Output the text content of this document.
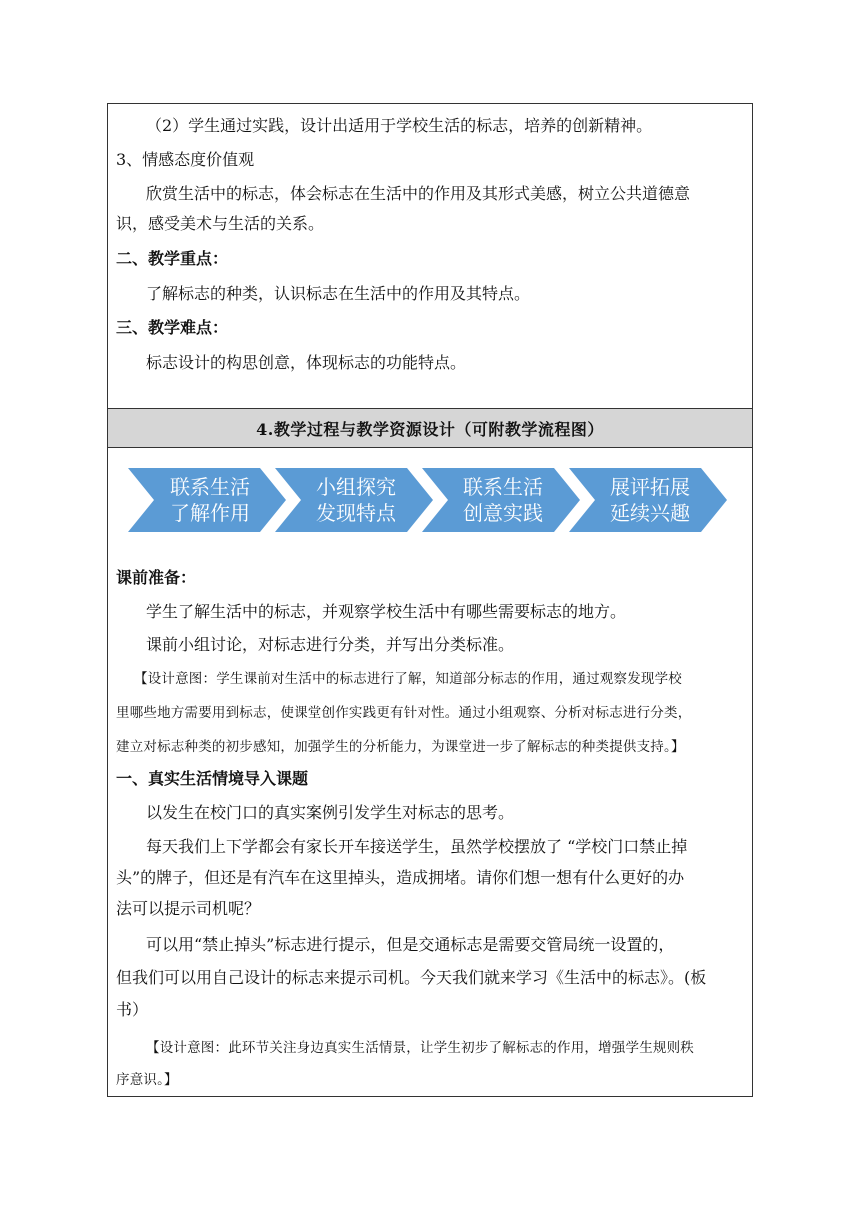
（2）学生通过实践，设计出适用于学校生活的标志，培养的创新精神。
3、情感态度价值观
欣赏生活中的标志，体会标志在生活中的作用及其形式美感，树立公共道德意
识，感受美术与生活的关系。
二、教学重点：
了解标志的种类，认识标志在生活中的作用及其特点。
三、教学难点：
标志设计的构思创意，体现标志的功能特点。
4.教学过程与教学资源设计（可附教学流程图）
联系生活
了解作用
小组探究
发现特点
联系生活
创意实践
展评拓展
延续兴趣
课前准备：
学生了解生活中的标志，并观察学校生活中有哪些需要标志的地方。
课前小组讨论，对标志进行分类，并写出分类标准。
【设计意图：学生课前对生活中的标志进行了解，知道部分标志的作用，通过观察发现学校
里哪些地方需要用到标志，使课堂创作实践更有针对性。通过小组观察、分析对标志进行分类，
建立对标志种类的初步感知，加强学生的分析能力，为课堂进一步了解标志的种类提供支持。】
一、真实生活情境导入课题
以发生在校门口的真实案例引发学生对标志的思考。
每天我们上下学都会有家长开车接送学生，虽然学校摆放了 “学校门口禁止掉
头”的牌子，但还是有汽车在这里掉头，造成拥堵。请你们想一想有什么更好的办
法可以提示司机呢？
可以用“禁止掉头”标志进行提示，但是交通标志是需要交管局统一设置的，
但我们可以用自己设计的标志来提示司机。今天我们就来学习《生活中的标志》。(板
书）
【设计意图：此环节关注身边真实生活情景，让学生初步了解标志的作用，增强学生规则秩
序意识。】
